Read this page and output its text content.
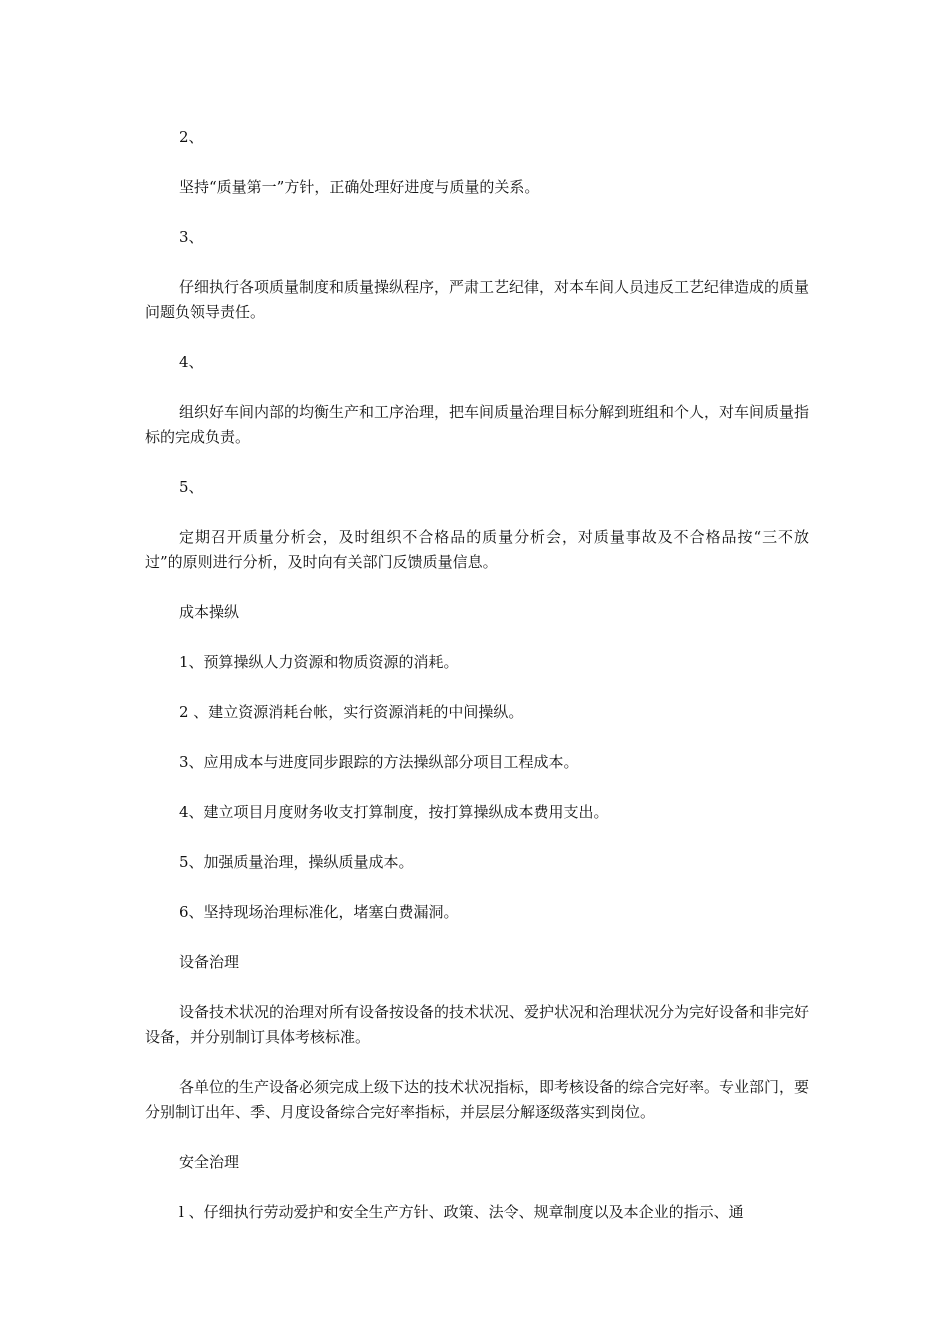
2、

坚持“质量第一”方针，正确处理好进度与质量的关系。

3、

仔细执行各项质量制度和质量操纵程序，严肃工艺纪律，对本车间人员违反工艺纪律造成的质量问题负领导责任。

4、

组织好车间内部的均衡生产和工序治理，把车间质量治理目标分解到班组和个人，对车间质量指标的完成负责。

5、

定期召开质量分析会，及时组织不合格品的质量分析会，对质量事故及不合格品按“三不放过”的原则进行分析，及时向有关部门反馈质量信息。

成本操纵

1、预算操纵人力资源和物质资源的消耗。

2 、建立资源消耗台帐，实行资源消耗的中间操纵。

3、应用成本与进度同步跟踪的方法操纵部分项目工程成本。

4、建立项目月度财务收支打算制度，按打算操纵成本费用支出。

5、加强质量治理，操纵质量成本。

6、坚持现场治理标准化，堵塞白费漏洞。

设备治理

设备技术状况的治理对所有设备按设备的技术状况、爱护状况和治理状况分为完好设备和非完好设备，并分别制订具体考核标准。

各单位的生产设备必须完成上级下达的技术状况指标，即考核设备的综合完好率。专业部门，要分别制订出年、季、月度设备综合完好率指标，并层层分解逐级落实到岗位。

安全治理

l 、仔细执行劳动爱护和安全生产方针、政策、法令、规章制度以及本企业的指示、通
